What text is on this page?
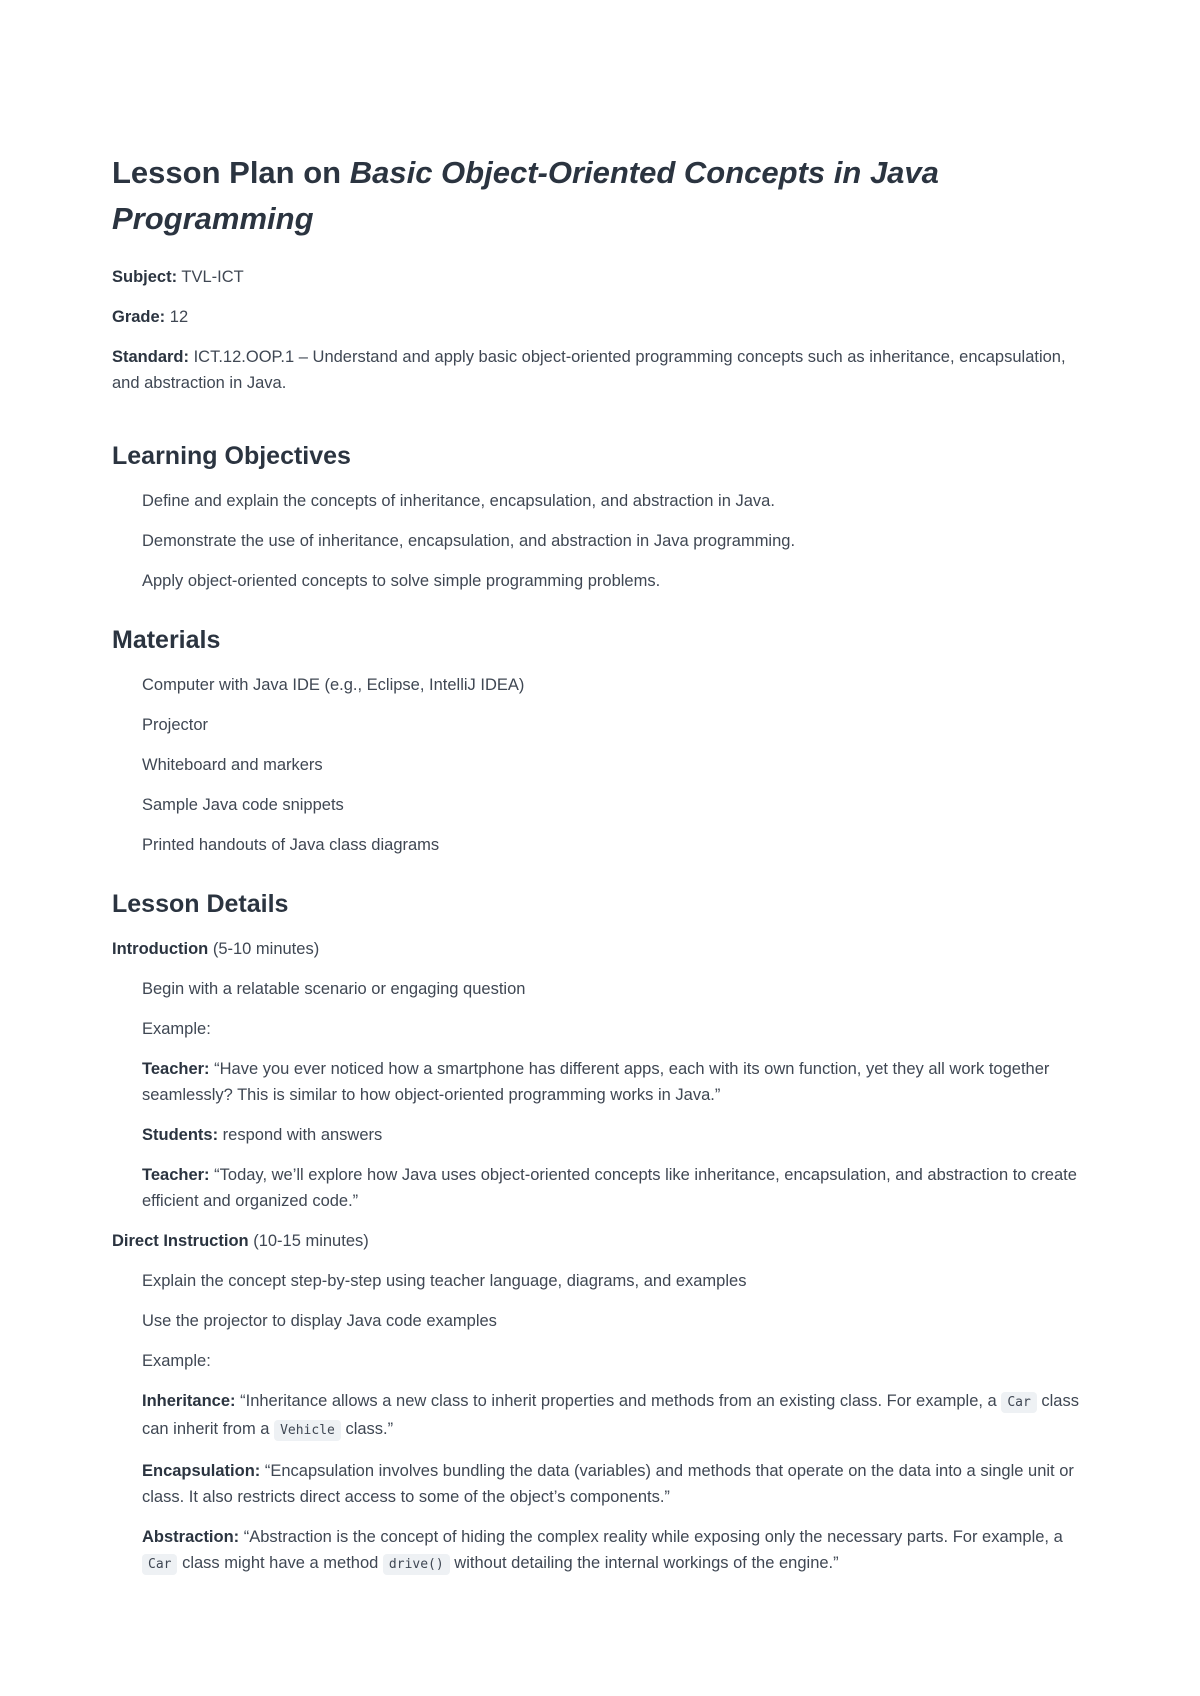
Lesson Plan on Basic Object-Oriented Concepts in Java Programming

Subject: TVL-ICT

Grade: 12

Standard: ICT.12.OOP.1 – Understand and apply basic object-oriented programming concepts such as inheritance, encapsulation, and abstraction in Java.

Learning Objectives

Define and explain the concepts of inheritance, encapsulation, and abstraction in Java.

Demonstrate the use of inheritance, encapsulation, and abstraction in Java programming.

Apply object-oriented concepts to solve simple programming problems.

Materials

Computer with Java IDE (e.g., Eclipse, IntelliJ IDEA)

Projector

Whiteboard and markers

Sample Java code snippets

Printed handouts of Java class diagrams

Lesson Details

Introduction (5-10 minutes)

Begin with a relatable scenario or engaging question

Example:

Teacher: “Have you ever noticed how a smartphone has different apps, each with its own function, yet they all work together seamlessly? This is similar to how object-oriented programming works in Java.”

Students: respond with answers

Teacher: “Today, we’ll explore how Java uses object-oriented concepts like inheritance, encapsulation, and abstraction to create efficient and organized code.”

Direct Instruction (10-15 minutes)

Explain the concept step-by-step using teacher language, diagrams, and examples

Use the projector to display Java code examples

Example:

Inheritance: “Inheritance allows a new class to inherit properties and methods from an existing class. For example, a Car class can inherit from a Vehicle class.”

Encapsulation: “Encapsulation involves bundling the data (variables) and methods that operate on the data into a single unit or class. It also restricts direct access to some of the object’s components.”

Abstraction: “Abstraction is the concept of hiding the complex reality while exposing only the necessary parts. For example, a Car class might have a method drive() without detailing the internal workings of the engine.”
